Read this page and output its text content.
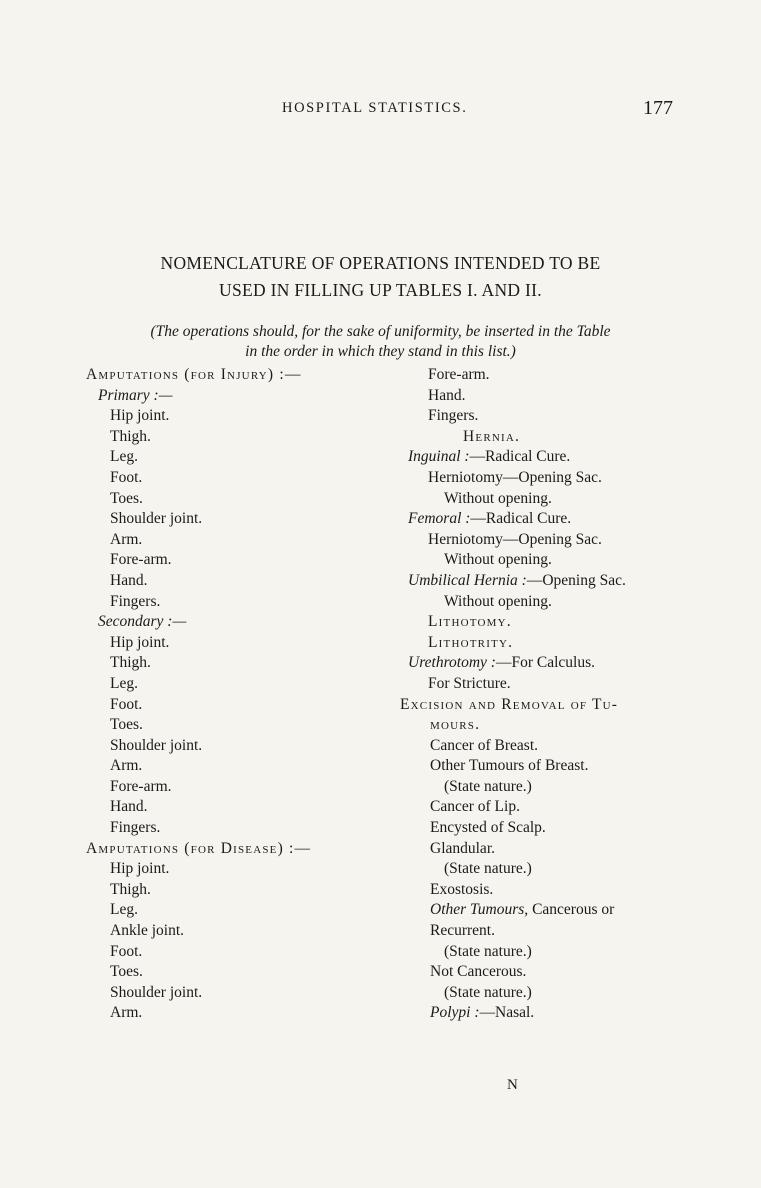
HOSPITAL STATISTICS.	177
NOMENCLATURE OF OPERATIONS INTENDED TO BE
USED IN FILLING UP TABLES I. AND II.
(The operations should, for the sake of uniformity, be inserted in the Table
in the order in which they stand in this list.)
Amputations (for Injury) :—
Primary :—
Hip joint.
Thigh.
Leg.
Foot.
Toes.
Shoulder joint.
Arm.
Fore-arm.
Hand.
Fingers.
Secondary :—
Hip joint.
Thigh.
Leg.
Foot.
Toes.
Shoulder joint.
Arm.
Fore-arm.
Hand.
Fingers.
Amputations (for Disease) :—
Hip joint.
Thigh.
Leg.
Ankle joint.
Foot.
Toes.
Shoulder joint.
Arm.
Fore-arm.
Hand.
Fingers.
Hernia.
Inguinal :—Radical Cure.
Herniotomy—Opening Sac.
Without opening.
Femoral :—Radical Cure.
Herniotomy—Opening Sac.
Without opening.
Umbilical Hernia :—Opening Sac.
Without opening.
Lithotomy.
Lithotrity.
Urethrotomy :—For Calculus.
For Stricture.
Excision and Removal of Tu-
mours.
Cancer of Breast.
Other Tumours of Breast.
(State nature.)
Cancer of Lip.
Encysted of Scalp.
Glandular.
(State nature.)
Exostosis.
Other Tumours, Cancerous or
Recurrent.
(State nature.)
Not Cancerous.
(State nature.)
Polypi :—Nasal.
N
